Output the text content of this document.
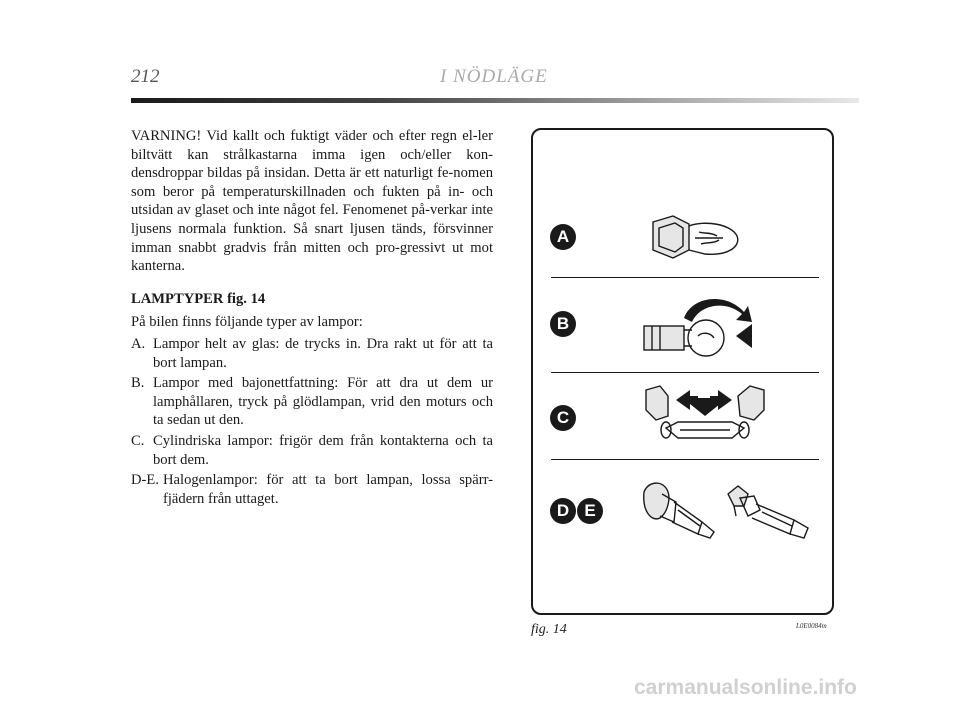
212	I NÖDLÄGE

VARNING! Vid kallt och fuktigt väder och efter regn el-ler biltvätt kan strålkastarna imma igen och/eller kon-densdroppar bildas på insidan. Detta är ett naturligt fe-nomen som beror på temperaturskillnaden och fukten på in- och utsidan av glaset och inte något fel. Fenomenet på-verkar inte ljusens normala funktion. Så snart ljusen tänds, försvinner imman snabbt gradvis från mitten och pro-gressivt ut mot kanterna.

LAMPTYPER fig. 14

På bilen finns följande typer av lampor:

A. Lampor helt av glas: de trycks in. Dra rakt ut för att ta bort lampan.
B. Lampor med bajonettfattning: För att dra ut dem ur lamphållaren, tryck på glödlampan, vrid den moturs och ta sedan ut den.
C. Cylindriska lampor: frigör dem från kontakterna och ta bort dem.
D-E. Halogenlampor: för att ta bort lampan, lossa spärr-fjädern från uttaget.
A
B
C
D E
fig. 14	L0E0084m
carmanualsonline.info
